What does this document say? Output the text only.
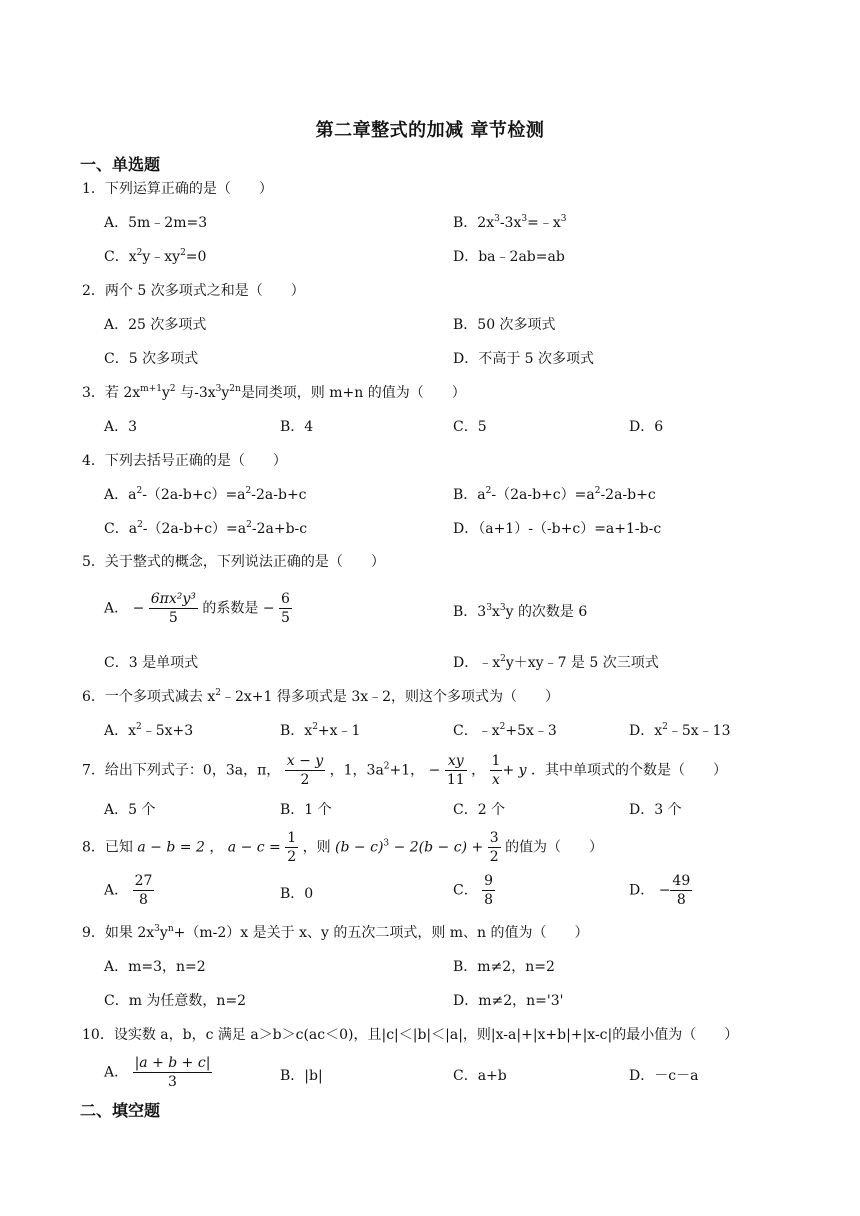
第二章整式的加减 章节检测
一、单选题
1．下列运算正确的是（　　）
A．5m﹣2m=3	B．$2x^3-3x^3=﹣x^3$
C．$x^2y﹣xy^2=0$	D．ba﹣2ab=ab
2．两个 5 次多项式之和是（　　）
A．25 次多项式	B．50 次多项式
C．5 次多项式	D．不高于 5 次多项式
3．若 $2x^{m+1}y^2$ 与$-3x^3y^{2n}$是同类项，则 m+n 的值为（　　）
A．3	B．4	C．5	D．6
4．下列去括号正确的是（　　）
A．$a^2-(2a-b+c)=a^2-2a-b+c$	B．$a^2-(2a-b+c)=a^2-2a-b+c$
C．$a^2-(2a-b+c)=a^2-2a+b-c$	D．（a+1）-（-b+c）=a+1-b-c
5．关于整式的概念，下列说法正确的是（　　）
A． − $\frac{\text{6πx²y³}}{5}$ 的系数是 − $\frac{6}{5}$	B．$3^3x^3y$ 的次数是 6
C．3 是单项式	D．$﹣x^2y+xy﹣7$ 是 5 次三项式
6．一个多项式减去 $x^2﹣2x+1$ 得多项式是 3x﹣2，则这个多项式为（　　）
A．$x^2﹣5x+3$	B．$x^2+x﹣1$	C．$﹣x^2+5x﹣3$	D．$x^2﹣5x﹣13$
7．给出下列式子：0，3a，π， $\frac{x - y}{2}$ ，1，$3a^2+1$， − $\frac{xy}{11}$ ， $\frac{1}{x} + y$ ．其中单项式的个数是（　　）
A．5 个	B．1 个	C．2 个	D．3 个
8．已知 a − b = 2 ， $a - c = \frac{1}{2}$ ，则 $(b - c)^3 - 2(b - c) + \frac{3}{2}$ 的值为（　　）
A． $\frac{27}{8}$	B．0	C． $\frac{9}{8}$	D． − $\frac{49}{8}$
9．如果 $2x^3y^n+(m-2)x$ 是关于 x、y 的五次二项式，则 m、n 的值为（　　）
A．m=3，n=2	B．m≠2，n=2
C．m 为任意数，n=2	D．m≠2，n='3'
10．设实数 a，b，c 满足 a＞b＞c(ac＜0)，且|c|＜|b|＜|a|，则|x-a|+|x+b|+|x-c|的最小值为（　　）
A． $\frac{|a + b + c|}{3}$	B．|b|	C．a+b	D．－c－a
二、填空题
